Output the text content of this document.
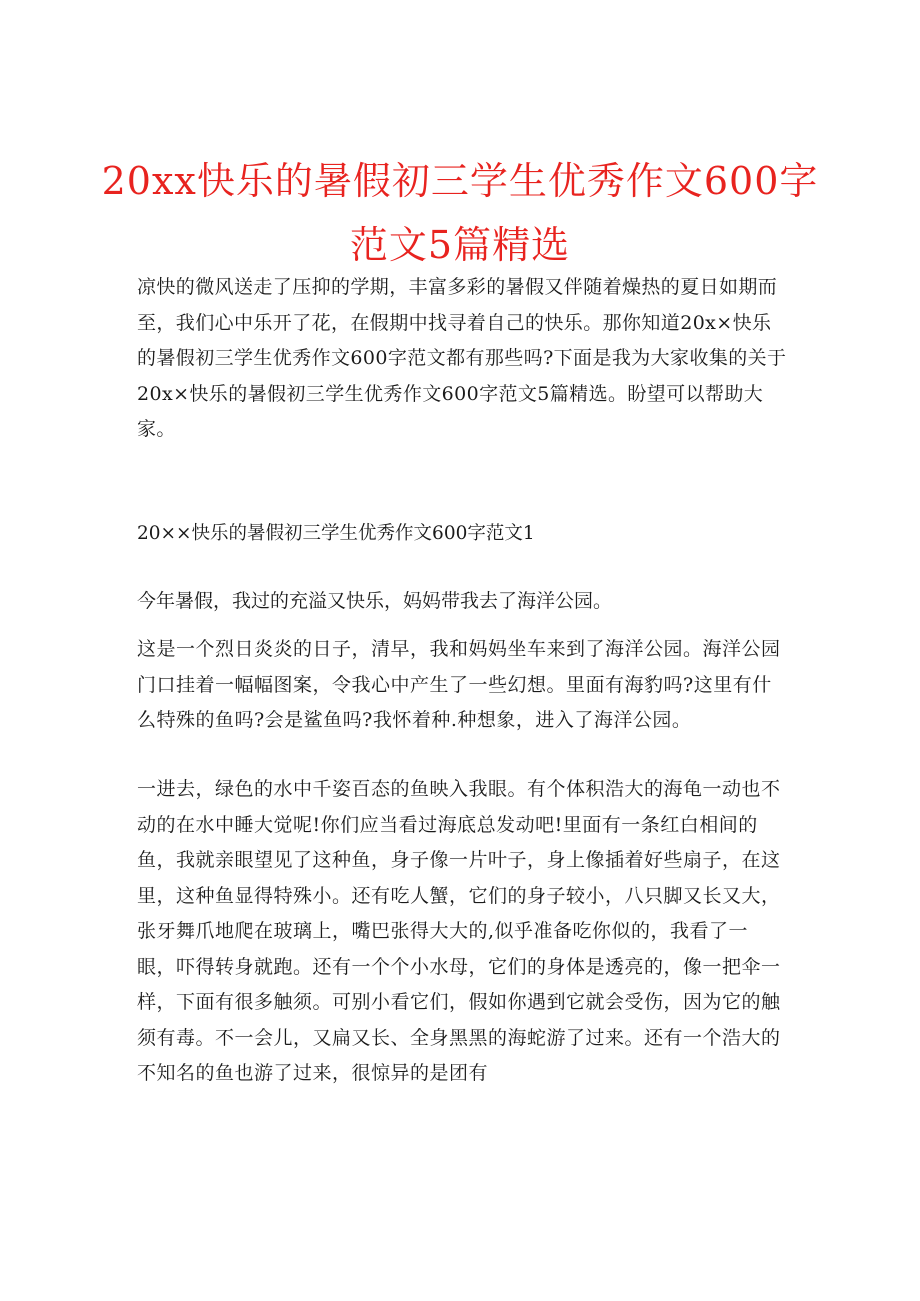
20xx快乐的暑假初三学生优秀作文600字
范文5篇精选

凉快的微风送走了压抑的学期，丰富多彩的暑假又伴随着燥热的夏日如期而至，我们心中乐开了花，在假期中找寻着自己的快乐。那你知道20x×快乐的暑假初三学生优秀作文600字范文都有那些吗?下面是我为大家收集的关于20x×快乐的暑假初三学生优秀作文600字范文5篇精选。盼望可以帮助大家。

20××快乐的暑假初三学生优秀作文600字范文1

今年暑假，我过的充溢又快乐，妈妈带我去了海洋公园。

这是一个烈日炎炎的日子，清早，我和妈妈坐车来到了海洋公园。海洋公园门口挂着一幅幅图案，令我心中产生了一些幻想。里面有海豹吗?这里有什么特殊的鱼吗?会是鲨鱼吗?我怀着种.种想象，进入了海洋公园。

一进去，绿色的水中千姿百态的鱼映入我眼。有个体积浩大的海龟一动也不动的在水中睡大觉呢!你们应当看过海底总发动吧!里面有一条红白相间的鱼，我就亲眼望见了这种鱼，身子像一片叶子，身上像插着好些扇子，在这里，这种鱼显得特殊小。还有吃人蟹，它们的身子较小，八只脚又长又大，张牙舞爪地爬在玻璃上，嘴巴张得大大的,似乎准备吃你似的，我看了一眼，吓得转身就跑。还有一个个小水母，它们的身体是透亮的，像一把伞一样，下面有很多触须。可别小看它们，假如你遇到它就会受伤，因为它的触须有毒。不一会儿，又扁又长、全身黑黑的海蛇游了过来。还有一个浩大的不知名的鱼也游了过来，很惊异的是团有
